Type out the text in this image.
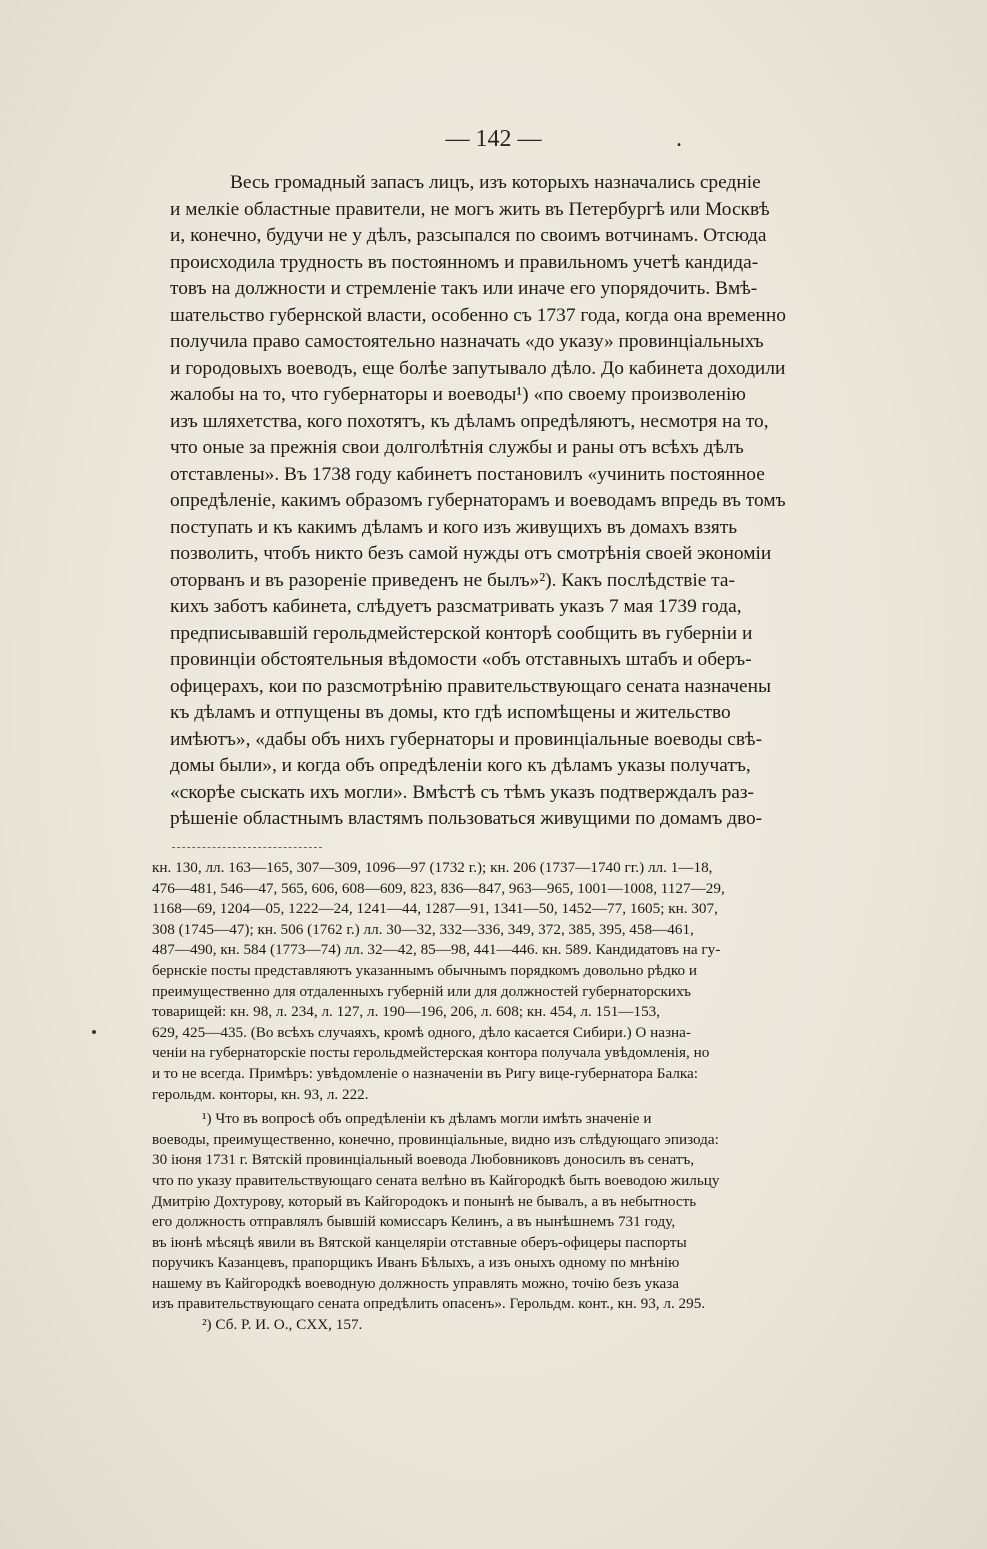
— 142 —	.
Весь громадный запасъ лицъ, изъ которыхъ назначались среднiе
и мелкiе областные правители, не могъ жить въ Петербургѣ или Москвѣ
и, конечно, будучи не у дѣлъ, разсыпался по своимъ вотчинамъ. Отсюда
происходила трудность въ постоянномъ и правильномъ учетѣ кандида-
товъ на должности и стремленiе такъ или иначе его упорядочить. Вмѣ-
шательство губернской власти, особенно съ 1737 года, когда она временно
получила право самостоятельно назначать «до указу» провинцiальныхъ
и городовыхъ воеводъ, еще болѣе запутывало дѣло. До кабинета доходили
жалобы на то, что губернаторы и воеводы¹) «по своему произволенiю
изъ шляхетства, кого похотятъ, къ дѣламъ опредѣляютъ, несмотря на то,
что оные за прежнiя свои долголѣтнiя службы и раны отъ всѣхъ дѣлъ
отставлены». Въ 1738 году кабинетъ постановилъ «учинить постоянное
опредѣленiе, какимъ образомъ губернаторамъ и воеводамъ впредь въ томъ
поступать и къ какимъ дѣламъ и кого изъ живущихъ въ домахъ взять
позволить, чтобъ никто безъ самой нужды отъ смотрѣнiя своей экономiи
оторванъ и въ разоренiе приведенъ не былъ»²). Какъ послѣдствiе та-
кихъ заботъ кабинета, слѣдуетъ разсматривать указъ 7 мая 1739 года,
предписывавшiй герольдмейстерской конторѣ сообщить въ губернiи и
провинцiи обстоятельныя вѣдомости «объ отставныхъ штабъ и оберъ-
офицерахъ, кои по разсмотрѣнiю правительствующаго сената назначены
къ дѣламъ и отпущены въ домы, кто гдѣ испомѣщены и жительство
имѣютъ», «дабы объ нихъ губернаторы и провинцiальные воеводы свѣ-
домы были», и когда объ опредѣленiи кого къ дѣламъ указы получатъ,
«скорѣе сыскать ихъ могли». Вмѣстѣ съ тѣмъ указъ подтверждалъ раз-
рѣшенiе областнымъ властямъ пользоваться живущими по домамъ дво-
кн. 130, лл. 163—165, 307—309, 1096—97 (1732 г.); кн. 206 (1737—1740 гг.) лл. 1—18,
476—481, 546—47, 565, 606, 608—609, 823, 836—847, 963—965, 1001—1008, 1127—29,
1168—69, 1204—05, 1222—24, 1241—44, 1287—91, 1341—50, 1452—77, 1605; кн. 307,
308 (1745—47); кн. 506 (1762 г.) лл. 30—32, 332—336, 349, 372, 385, 395, 458—461,
487—490, кн. 584 (1773—74) лл. 32—42, 85—98, 441—446. кн. 589. Кандидатовъ на гу-
бернскiе посты представляютъ указаннымъ обычнымъ порядкомъ довольно рѣдко и
преимущественно для отдаленныхъ губернiй или для должностей губернаторскихъ
товарищей: кн. 98, л. 234, л. 127, л. 190—196, 206, л. 608; кн. 454, л. 151—153,
629, 425—435. (Во всѣхъ случаяхъ, кромѣ одного, дѣло касается Сибири.) О назна-
ченiи на губернаторскiе посты герольдмейстерская контора получала увѣдомленiя, но
и то не всегда. Примѣръ: увѣдомленiе о назначенiи въ Ригу вице-губернатора Балка:
герольдм. конторы, кн. 93, л. 222.
¹) Что въ вопросѣ объ опредѣленiи къ дѣламъ могли имѣть значенiе и
воеводы, преимущественно, конечно, провинцiальные, видно изъ слѣдующаго эпизода:
30 iюня 1731 г. Вятскiй провинцiальный воевода Любовниковъ доносилъ въ сенатъ,
что по указу правительствующаго сената велѣно въ Кайгородкѣ быть воеводою жильцу
Дмитрiю Дохтурову, который въ Кайгородокъ и понынѣ не бывалъ, а въ небытность
его должность отправлялъ бывшiй комиссаръ Келинъ, а въ нынѣшнемъ 731 году,
въ iюнѣ мѣсяцѣ явили въ Вятской канцелярiи отставные оберъ-офицеры паспорты
поручикъ Казанцевъ, прапорщикъ Иванъ Бѣлыхъ, а изъ оныхъ одному по мнѣнiю
нашему въ Кайгородкѣ воеводную должность управлять можно, точiю безъ указа
изъ правительствующаго сената опредѣлить опасенъ». Герольдм. конт., кн. 93, л. 295.
²) Сб. Р. И. О., CXX, 157.
